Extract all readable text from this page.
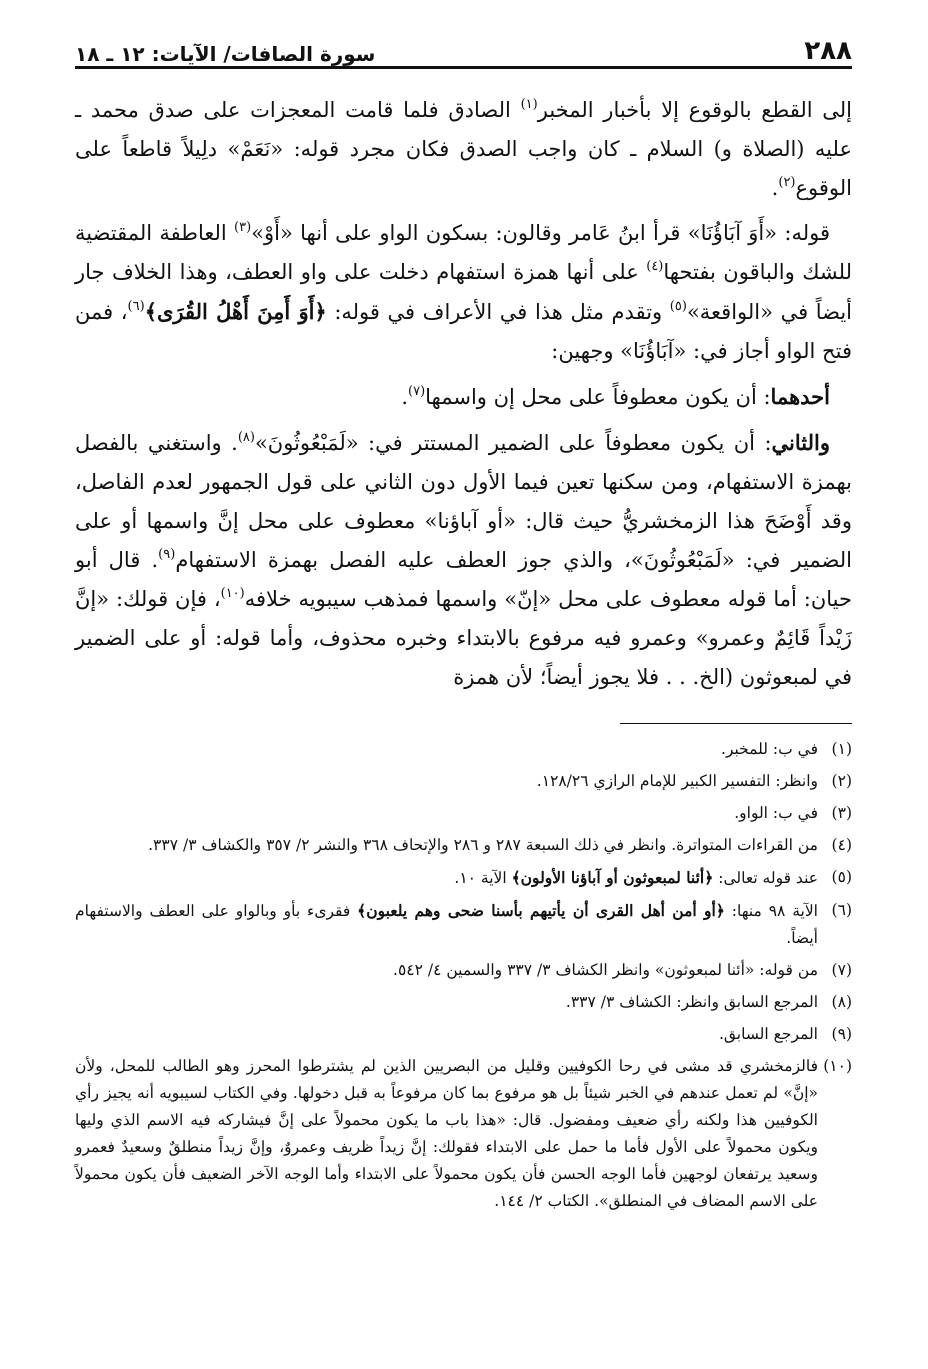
٢٨٨
سورة الصافات/ الآيات: ١٢ ـ ١٨

إلى القطع بالوقوع إلا بأخبار المخبر$^{(١)}$ الصادق فلما قامت المعجزات على صدق محمد ـ عليه (الصلاة و) السلام ـ كان واجب الصدق فكان مجرد قوله: «نَعَمْ» دلِيلاً قاطعاً على الوقوع$^{(٢)}$.

قوله: «أَوَ آبَاؤُنَا» قرأ ابنُ عَامر وقالون: بسكون الواو على أنها «أَوْ»$^{(٣)}$ العاطفة المقتضية للشك والباقون بفتحها$^{(٤)}$ على أنها همزة استفهام دخلت على واو العطف، وهذا الخلاف جار أيضاً في «الواقعة»$^{(٥)}$ وتقدم مثل هذا في الأعراف في قوله: ﴿أَوَ أَمِنَ أَهْلُ القُرَى﴾$^{(٦)}$، فمن فتح الواو أجاز في: «آبَاؤُنَا» وجهين:

أحدهما: أن يكون معطوفاً على محل إن واسمها$^{(٧)}$.

والثاني: أن يكون معطوفاً على الضمير المستتر في: «لَمَبْعُوثُونَ»$^{(٨)}$. واستغني بالفصل بهمزة الاستفهام، ومن سكنها تعين فيما الأول دون الثاني على قول الجمهور لعدم الفاصل، وقد أَوْضَحَ هذا الزمخشريُّ حيث قال: «أو آباؤنا» معطوف على محل إنَّ واسمها أو على الضمير في: «لَمَبْعُوثُونَ»، والذي جوز العطف عليه الفصل بهمزة الاستفهام$^{(٩)}$. قال أبو حيان: أما قوله معطوف على محل «إنّ» واسمها فمذهب سيبويه خلافه$^{(١٠)}$، فإن قولك: «إنَّ زَيْداً قَائِمٌ وعمرو» وعمرو فيه مرفوع بالابتداء وخبره محذوف، وأما قوله: أو على الضمير في لمبعوثون (الخ. . . فلا يجوز أيضاً؛ لأن همزة

(١)
في ب: للمخبر.
(٢)
وانظر: التفسير الكبير للإمام الرازي ١٢٨/٢٦.
(٣)
في ب: الواو.
(٤)
من القراءات المتواترة. وانظر في ذلك السبعة ٢٨٧ و ٢٨٦ والإتحاف ٣٦٨ والنشر ٢/ ٣٥٧ والكشاف ٣/ ٣٣٧.
(٥)
عند قوله تعالى: ﴿أئنا لمبعوثون أو آباؤنا الأولون﴾ الآية ١٠.
(٦)
الآية ٩٨ منها: ﴿أو أمن أهل القرى أن يأتيهم بأسنا ضحى وهم يلعبون﴾ فقرىء بأو وبالواو على العطف والاستفهام أيضاً.
(٧)
من قوله: «أئنا لمبعوثون» وانظر الكشاف ٣/ ٣٣٧ والسمين ٤/ ٥٤٢.
(٨)
المرجع السابق وانظر: الكشاف ٣/ ٣٣٧.
(٩)
المرجع السابق.
(١٠)
فالزمخشري قد مشى في رحا الكوفيين وقليل من البصريين الذين لم يشترطوا المحرز وهو الطالب للمحل، ولأن «إنَّ» لم تعمل عندهم في الخبر شيئاً بل هو مرفوع بما كان مرفوعاً به قبل دخولها. وفي الكتاب لسيبويه أنه يجيز رأي الكوفيين هذا ولكنه رأي ضعيف ومفضول. قال: «هذا باب ما يكون محمولاً على إنَّ فيشاركه فيه الاسم الذي وليها ويكون محمولاً على الأول فأما ما حمل على الابتداء فقولك: إنَّ زيداً ظريف وعمروٌ، وإنَّ زيداً منطلقٌ وسعيدٌ فعمرو وسعيد يرتفعان لوجهين فأما الوجه الحسن فأن يكون محمولاً على الابتداء وأما الوجه الآخر الضعيف فأن يكون محمولاً على الاسم المضاف في المنطلق». الكتاب ٢/ ١٤٤.
